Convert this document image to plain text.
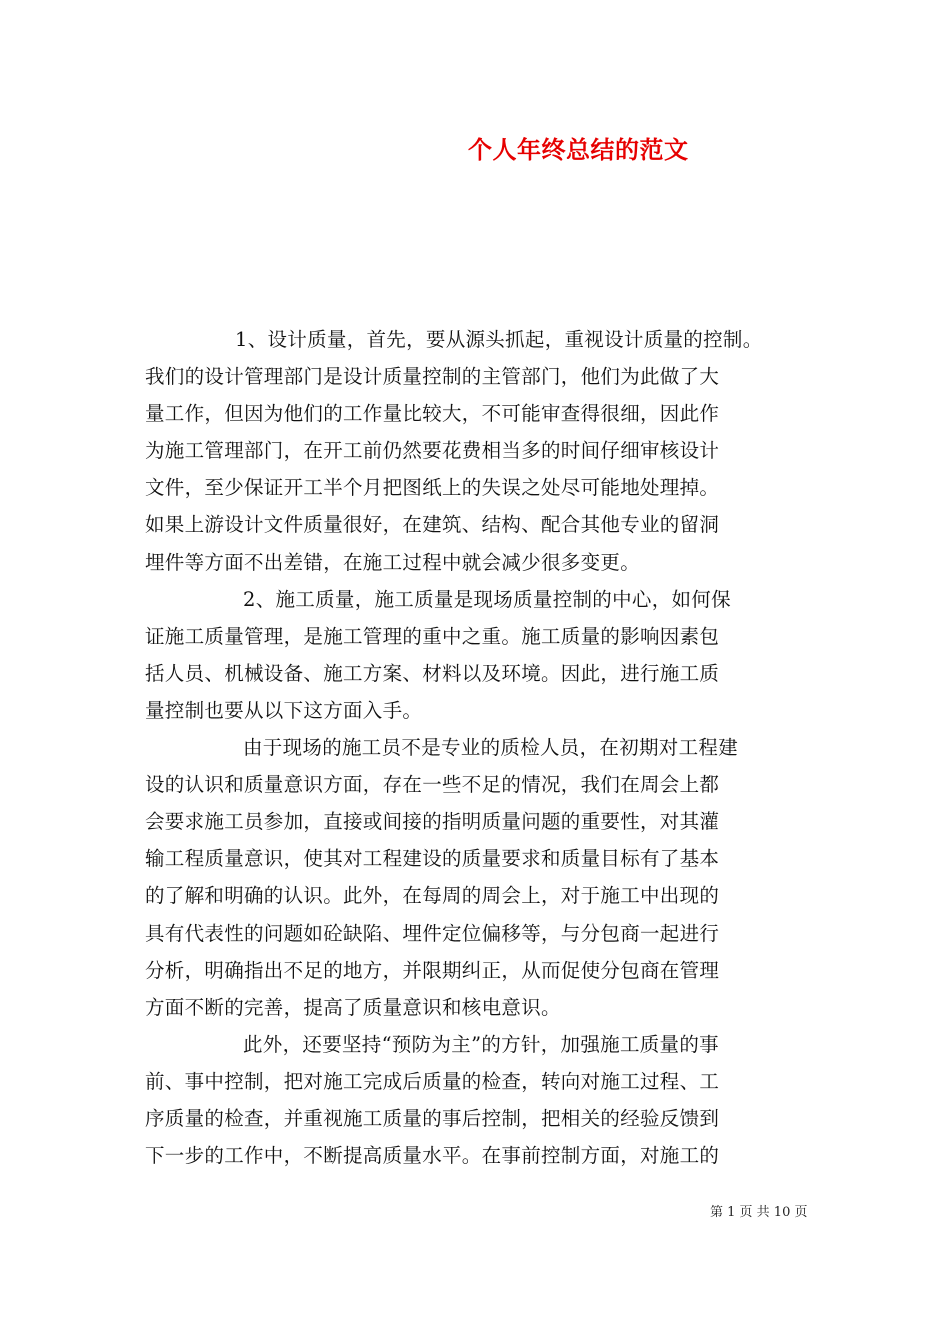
个人年终总结的范文
1、设计质量，首先，要从源头抓起，重视设计质量的控制。
我们的设计管理部门是设计质量控制的主管部门，他们为此做了大
量工作，但因为他们的工作量比较大，不可能审查得很细，因此作
为施工管理部门，在开工前仍然要花费相当多的时间仔细审核设计
文件，至少保证开工半个月把图纸上的失误之处尽可能地处理掉。
如果上游设计文件质量很好，在建筑、结构、配合其他专业的留洞
埋件等方面不出差错，在施工过程中就会减少很多变更。
2、施工质量，施工质量是现场质量控制的中心，如何保
证施工质量管理，是施工管理的重中之重。施工质量的影响因素包
括人员、机械设备、施工方案、材料以及环境。因此，进行施工质
量控制也要从以下这方面入手。
由于现场的施工员不是专业的质检人员，在初期对工程建
设的认识和质量意识方面，存在一些不足的情况，我们在周会上都
会要求施工员参加，直接或间接的指明质量问题的重要性，对其灌
输工程质量意识，使其对工程建设的质量要求和质量目标有了基本
的了解和明确的认识。此外，在每周的周会上，对于施工中出现的
具有代表性的问题如砼缺陷、埋件定位偏移等，与分包商一起进行
分析，明确指出不足的地方，并限期纠正，从而促使分包商在管理
方面不断的完善，提高了质量意识和核电意识。
此外，还要坚持“预防为主”的方针，加强施工质量的事
前、事中控制，把对施工完成后质量的检查，转向对施工过程、工
序质量的检查，并重视施工质量的事后控制，把相关的经验反馈到
下一步的工作中，不断提高质量水平。在事前控制方面，对施工的
第 1 页 共 10 页
